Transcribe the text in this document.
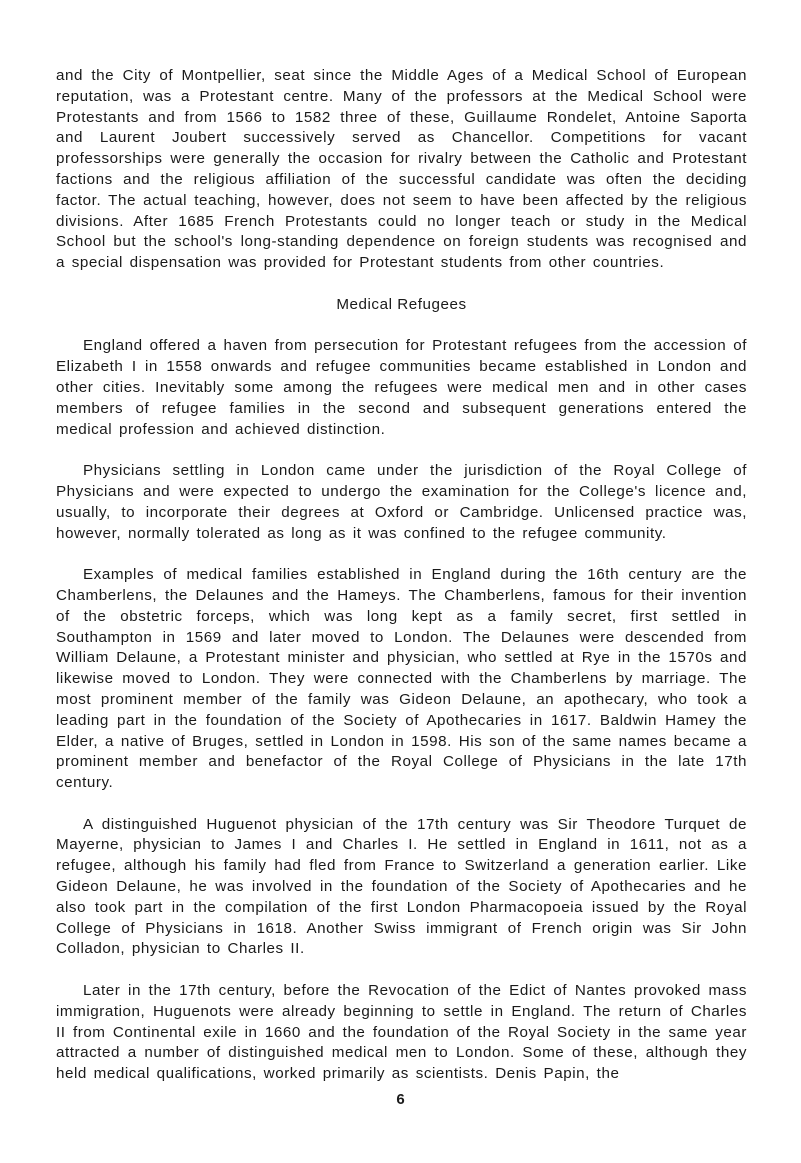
and the City of Montpellier, seat since the Middle Ages of a Medical School of European reputation, was a Protestant centre. Many of the professors at the Medical School were Protestants and from 1566 to 1582 three of these, Guillaume Rondelet, Antoine Saporta and Laurent Joubert successively served as Chancellor. Competitions for vacant professorships were generally the occasion for rivalry between the Catholic and Protestant factions and the religious affiliation of the successful candidate was often the deciding factor. The actual teaching, however, does not seem to have been affected by the religious divisions. After 1685 French Protestants could no longer teach or study in the Medical School but the school's long-standing dependence on foreign students was recognised and a special dispensation was provided for Protestant students from other countries.

Medical Refugees

England offered a haven from persecution for Protestant refugees from the accession of Elizabeth I in 1558 onwards and refugee communities became established in London and other cities. Inevitably some among the refugees were medical men and in other cases members of refugee families in the second and subsequent generations entered the medical profession and achieved distinction.

Physicians settling in London came under the jurisdiction of the Royal College of Physicians and were expected to undergo the examination for the College's licence and, usually, to incorporate their degrees at Oxford or Cambridge. Unlicensed practice was, however, normally tolerated as long as it was confined to the refugee community.

Examples of medical families established in England during the 16th century are the Chamberlens, the Delaunes and the Hameys. The Chamberlens, famous for their invention of the obstetric forceps, which was long kept as a family secret, first settled in Southampton in 1569 and later moved to London. The Delaunes were descended from William Delaune, a Protestant minister and physician, who settled at Rye in the 1570s and likewise moved to London. They were connected with the Chamberlens by marriage. The most prominent member of the family was Gideon Delaune, an apothecary, who took a leading part in the foundation of the Society of Apothecaries in 1617. Baldwin Hamey the Elder, a native of Bruges, settled in London in 1598. His son of the same names became a prominent member and benefactor of the Royal College of Physicians in the late 17th century.

A distinguished Huguenot physician of the 17th century was Sir Theodore Turquet de Mayerne, physician to James I and Charles I. He settled in England in 1611, not as a refugee, although his family had fled from France to Switzerland a generation earlier. Like Gideon Delaune, he was involved in the foundation of the Society of Apothecaries and he also took part in the compilation of the first London Pharmacopoeia issued by the Royal College of Physicians in 1618. Another Swiss immigrant of French origin was Sir John Colladon, physician to Charles II.

Later in the 17th century, before the Revocation of the Edict of Nantes provoked mass immigration, Huguenots were already beginning to settle in England. The return of Charles II from Continental exile in 1660 and the foundation of the Royal Society in the same year attracted a number of distinguished medical men to London. Some of these, although they held medical qualifications, worked primarily as scientists. Denis Papin, the

6
